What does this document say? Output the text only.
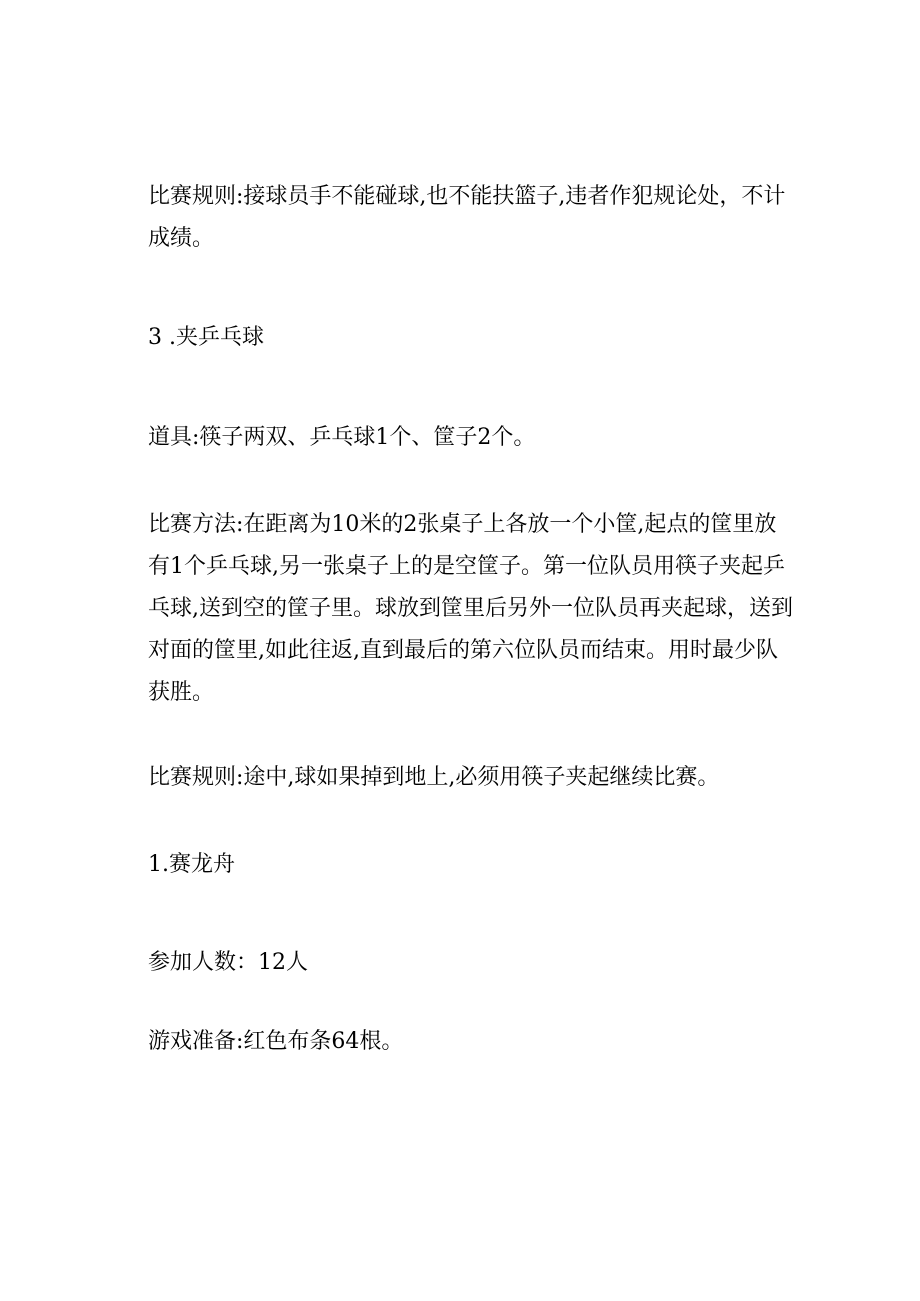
比赛规则:接球员手不能碰球,也不能扶篮子,违者作犯规论处，不计成绩。

3 .夹乒乓球

道具:筷子两双、乒乓球1个、筐子2个。

比赛方法:在距离为10米的2张桌子上各放一个小筐,起点的筐里放有1个乒乓球,另一张桌子上的是空筐子。第一位队员用筷子夹起乒乓球,送到空的筐子里。球放到筐里后另外一位队员再夹起球，送到对面的筐里,如此往返,直到最后的第六位队员而结束。用时最少队获胜。

比赛规则:途中,球如果掉到地上,必须用筷子夹起继续比赛。

1.赛龙舟

参加人数：12人

游戏准备:红色布条64根。
